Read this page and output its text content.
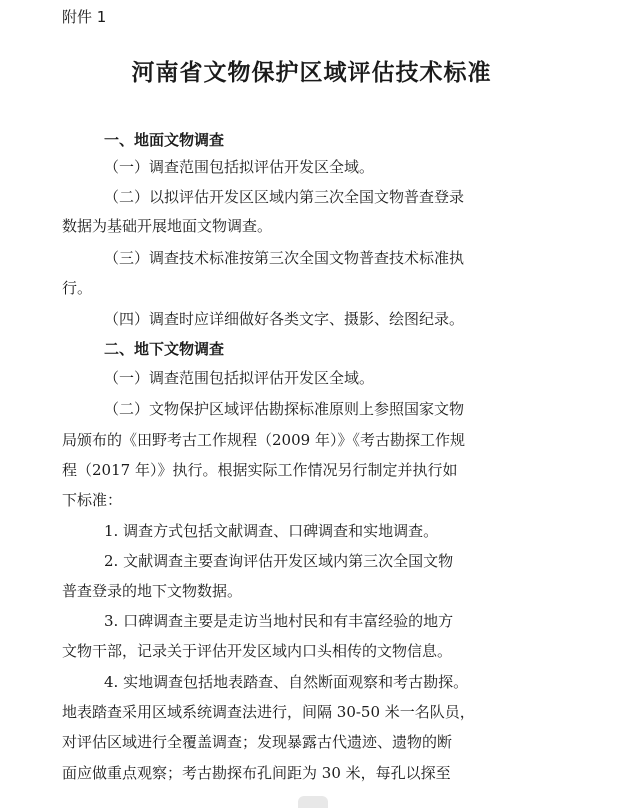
附件 1
河南省文物保护区域评估技术标准
一、地面文物调查
（一）调查范围包括拟评估开发区全域。
（二）以拟评估开发区区域内第三次全国文物普查登录
数据为基础开展地面文物调查。
（三）调查技术标准按第三次全国文物普查技术标准执
行。
（四）调查时应详细做好各类文字、摄影、绘图纪录。
二、地下文物调查
（一）调查范围包括拟评估开发区全域。
（二）文物保护区域评估勘探标准原则上参照国家文物
局颁布的《田野考古工作规程（2009 年）》《考古勘探工作规
程（2017 年）》执行。根据实际工作情况另行制定并执行如
下标准：
1. 调查方式包括文献调查、口碑调查和实地调查。
2. 文献调查主要查询评估开发区域内第三次全国文物
普查登录的地下文物数据。
3. 口碑调查主要是走访当地村民和有丰富经验的地方
文物干部，记录关于评估开发区域内口头相传的文物信息。
4. 实地调查包括地表踏查、自然断面观察和考古勘探。
地表踏查采用区域系统调查法进行，间隔 30-50 米一名队员，
对评估区域进行全覆盖调查；发现暴露古代遗迹、遗物的断
面应做重点观察；考古勘探布孔间距为 30 米，每孔以探至
